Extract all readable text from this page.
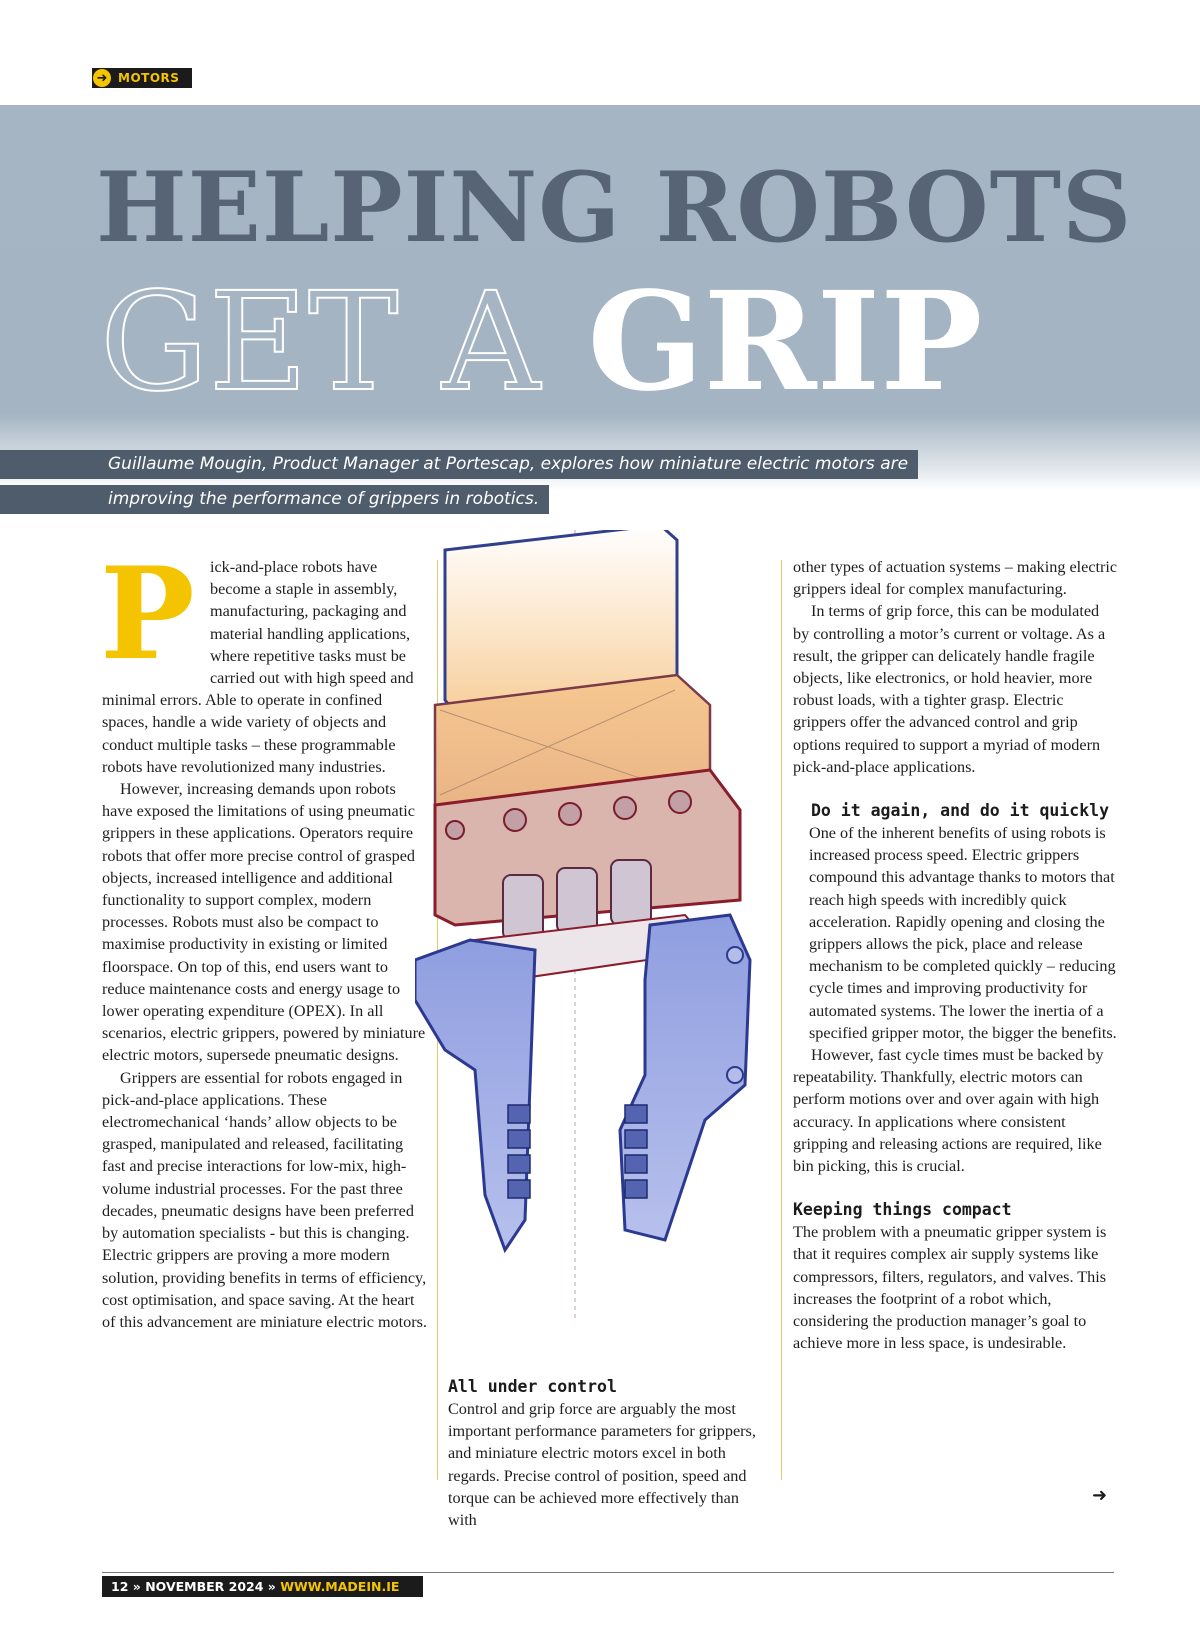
➜ MOTORS
HELPING ROBOTS
GET A GRIP
Guillaume Mougin, Product Manager at Portescap, explores how miniature electric motors are
improving the performance of grippers in robotics.
P ick-and-place robots have become a staple in assembly, manufacturing, packaging and material handling applications, where repetitive tasks must be carried out with high speed and minimal errors. Able to operate in confined spaces, handle a wide variety of objects and conduct multiple tasks – these programmable robots have revolutionized many industries.

However, increasing demands upon robots have exposed the limitations of using pneumatic grippers in these applications. Operators require robots that offer more precise control of grasped objects, increased intelligence and additional functionality to support complex, modern processes. Robots must also be compact to maximise productivity in existing or limited floorspace. On top of this, end users want to reduce maintenance costs and energy usage to lower operating expenditure (OPEX). In all scenarios, electric grippers, powered by miniature electric motors, supersede pneumatic designs.

Grippers are essential for robots engaged in pick-and-place applications. These electromechanical ‘hands’ allow objects to be grasped, manipulated and released, facilitating fast and precise interactions for low-mix, high-volume industrial processes. For the past three decades, pneumatic designs have been preferred by automation specialists - but this is changing. Electric grippers are proving a more modern solution, providing benefits in terms of efficiency, cost optimisation, and space saving. At the heart of this advancement are miniature electric motors.

All under control

Control and grip force are arguably the most important performance parameters for grippers, and miniature electric motors excel in both regards. Precise control of position, speed and torque can be achieved more effectively than with

other types of actuation systems – making electric grippers ideal for complex manufacturing.

In terms of grip force, this can be modulated by controlling a motor’s current or voltage. As a result, the gripper can delicately handle fragile objects, like electronics, or hold heavier, more robust loads, with a tighter grasp. Electric grippers offer the advanced control and grip options required to support a myriad of modern pick-and-place applications.

Do it again, and do it quickly

One of the inherent benefits of using robots is increased process speed. Electric grippers compound this advantage thanks to motors that reach high speeds with incredibly quick acceleration. Rapidly opening and closing the grippers allows the pick, place and release mechanism to be completed quickly – reducing cycle times and improving productivity for automated systems. The lower the inertia of a specified gripper motor, the bigger the benefits.

However, fast cycle times must be backed by repeatability. Thankfully, electric motors can perform motions over and over again with high accuracy. In applications where consistent gripping and releasing actions are required, like bin picking, this is crucial.

Keeping things compact

The problem with a pneumatic gripper system is that it requires complex air supply systems like compressors, filters, regulators, and valves. This increases the footprint of a robot which, considering the production manager’s goal to achieve more in less space, is undesirable.

➜
12 » NOVEMBER 2024 » WWW.MADEIN.IE
